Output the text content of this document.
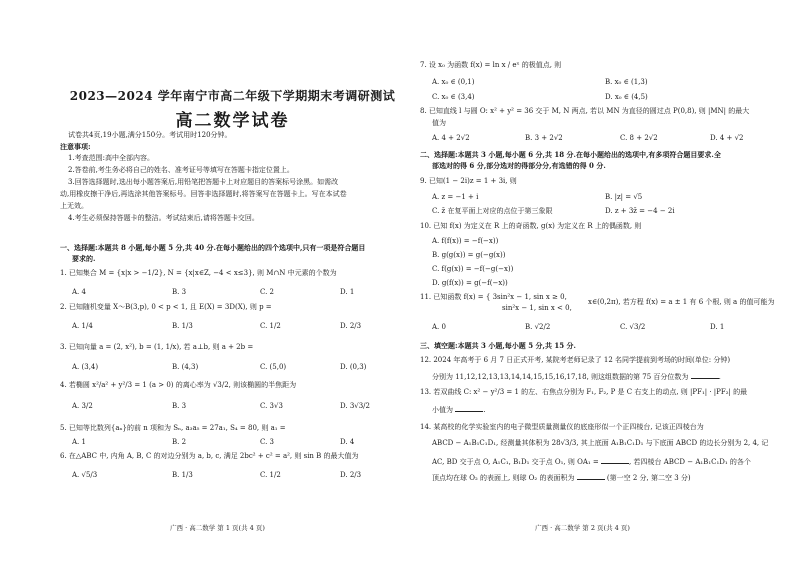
2023—2024 学年南宁市高二年级下学期期末考调研测试
高二数学试卷
试卷共4页,19小题,满分150分。考试用时120分钟。
注意事项:
1.考查范围:高中全部内容。
2.答卷前,考生务必将自己的姓名、准考证号等填写在答题卡指定位置上。
3.回答选择题时,选出每小题答案后,用铅笔把答题卡上对应题目的答案标号涂黑。如需改
动,用橡皮擦干净后,再选涂其他答案标号。回答非选择题时,将答案写在答题卡上。写在本试卷
上无效。
4.考生必须保持答题卡的整洁。考试结束后,请将答题卡交回。
一、选择题:本题共 8 小题,每小题 5 分,共 40 分.在每小题给出的四个选项中,只有一项是符合题目
要求的.
1. 已知集合 M = {x|x > −1/2}, N = {x|x∈Z, −4 < x≤3}, 则 M∩N 中元素的个数为
A. 4	B. 3	C. 2	D. 1
2. 已知随机变量 X～B(3,p), 0 < p < 1, 且 E(X) = 3D(X), 则 p =
A. 1/4	B. 1/3	C. 1/2	D. 2/3
3. 已知向量 a = (2, x²), b = (1, 1/x), 若 a⊥b, 则 a + 2b =
A. (3,4)	B. (4,3)	C. (5,0)	D. (0,3)
4. 若椭圆 x²/a² + y²/3 = 1 (a > 0) 的离心率为 √3/2, 则该椭圆的半焦距为
A. 3/2	B. 3	C. 3√3	D. 3√3/2
5. 已知等比数列{aₙ}的前 n 项和为 Sₙ, a₃a₅ = 27a₁, S₄ = 80, 则 a₁ =
A. 1	B. 2	C. 3	D. 4
6. 在△ABC 中, 内角 A, B, C 的对边分别为 a, b, c, 满足 2bc² + c² = a², 则 sin B 的最大值为
A. √5/3	B. 1/3	C. 1/2	D. 2/3
广西 · 高二数学 第 1 页(共 4 页)
7. 设 x₀ 为函数 f(x) = ln x / eˣ 的极值点, 则
A. x₀ ∈ (0,1)	B. x₀ ∈ (1,3)
C. x₀ ∈ (3,4)	D. x₀ ∈ (4,5)
8. 已知直线 l 与圆 O: x² + y² = 36 交于 M, N 两点, 若以 MN 为直径的圆过点 P(0,8), 则 |MN| 的最大
值为
A. 4 + 2√2	B. 3 + 2√2	C. 8 + 2√2	D. 4 + √2
二、选择题:本题共 3 小题,每小题 6 分,共 18 分.在每小题给出的选项中,有多项符合题目要求.全
部选对的得 6 分,部分选对的得部分分,有选错的得 0 分.
9. 已知(1 − 2i)z = 1 + 3i, 则
A. z = −1 + i	B. |z| = √5
C. z̄ 在复平面上对应的点位于第三象限	D. z + 3z̄ = −4 − 2i
10. 已知 f(x) 为定义在 R 上的奇函数, g(x) 为定义在 R 上的偶函数, 则
A. f(f(x)) = −f(−x))
B. g(g(x)) = g(−g(x))
C. f(g(x)) = −f(−g(−x))
D. g(f(x)) = g(−f(−x))
11. 已知函数 f(x) = { 3sin²x − 1, sin x ≥ 0,
sin²x − 1, sin x < 0,
x∈(0,2π), 若方程 f(x) = a ± 1 有 6 个根, 则 a 的值可能为
A. 0	B. √2/2	C. √3/2	D. 1
三、填空题:本题共 3 小题,每小题 5 分,共 15 分.
12. 2024 年高考于 6 月 7 日正式开考, 某院考老师记录了 12 名同学提前到考场的时间(单位: 分钟)
分别为 11,12,12,13,13,14,14,15,15,16,17,18, 则这组数据的第 75 百分位数为	.
13. 若双曲线 C: x² − y²/3 = 1 的左、右焦点分别为 F₁, F₂, P 是 C 右支上的动点, 则 |PF₁| · |PF₂| 的最
小值为	.
14. 某高校的化学实验室内的电子微型质量测量仪的底座形似一个正四棱台, 记该正四棱台为
ABCD − A₁B₁C₁D₁, 经测量其体积为 28√3/3, 其上底面 A₁B₁C₁D₁ 与下底面 ABCD 的边长分别为 2, 4, 记
AC, BD 交于点 O, A₁C₁, B₁D₁ 交于点 O₁, 则 OA₁ =	, 若四棱台 ABCD − A₁B₁C₁D₁ 的各个
顶点均在球 O₂ 的表面上, 则球 O₂ 的表面积为	(第一空 2 分, 第二空 3 分)
广西 · 高二数学 第 2 页(共 4 页)
